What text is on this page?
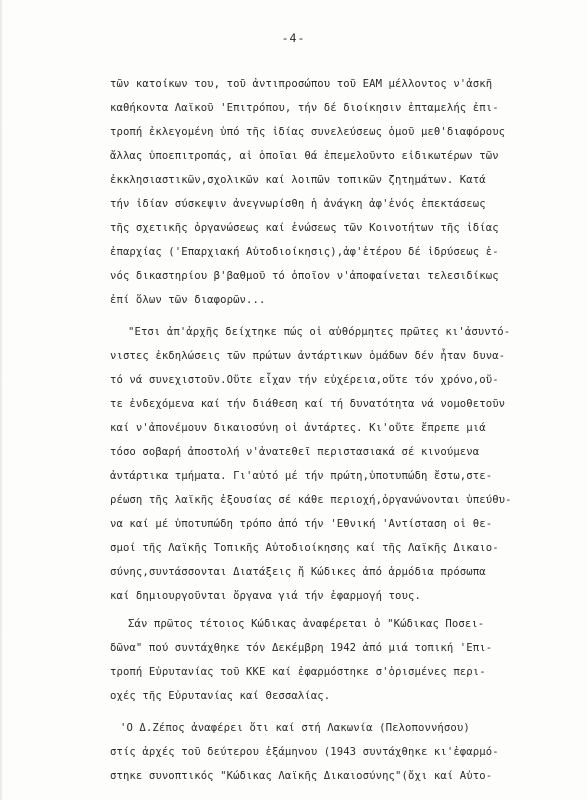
-4-
τῶν κατοίκων του, τοῦ ἀντιπροσώπου τοῦ ΕΑΜ μέλλοντος ν'ἀσκῆ
καθήκοντα Λαϊκοῦ 'Επιτρόπου, τήν δέ διοίκησιν ἐπταμελής ἐπι-
τροπή ἐκλεγομένη ὑπό τῆς ἰδίας συνελεύσεως ὁμοῦ μεθ'διαφόρους
ἄλλας ὑποεπιτροπάς, αἱ ὁποῖαι θά ἐπεμελοῦντο εἰδικωτέρων τῶν
ἐκκλησιαστικῶν,σχολικῶν καί λοιπῶν τοπικῶν ζητημάτων. Κατά
τήν ἰδίαν σύσκεψιν ἀνεγνωρίσθη ἡ ἀνάγκη ἀφ'ἑνός ἐπεκτάσεως
τῆς σχετικῆς ὀργανώσεως καί ἑνώσεως τῶν Κοινοτήτων τῆς ἰδίας
ἐπαρχίας ('Επαρχιακή Αὐτοδιοίκησις),ἀφ'ἑτέρου δέ ἱδρύσεως ἑ-
νός δικαστηρίου β'βαθμοῦ τό ὁποῖον ν'ἀποφαίνεται τελεσιδίκως
ἐπί ὅλων τῶν διαφορῶν...
"Ετσι ἀπ'ἀρχῆς δείχτηκε πώς οἱ αὐθόρμητες πρῶτες κι'ἀσυντό-
νιστες ἐκδηλώσεις τῶν πρώτων ἀντάρτικων ὁμάδων δέν ἦταν δυνα-
τό νά συνεχιστοῦν.Οὔτε εἶχαν τήν εὐχέρεια,οὔτε τόν χρόνο,οὔ-
τε ἐνδεχόμενα καί τήν διάθεση καί τή δυνατότητα νά νομοθετοῦν
καί ν'ἀπονέμουν δικαιοσύνη οἱ ἀντάρτες. Κι'οὔτε ἔπρεπε μιά
τόσο σοβαρή ἀποστολή ν'ἀνατεθεῖ περιστασιακά σέ κινούμενα
ἀντάρτικα τμήματα. Γι'αὐτό μέ τήν πρώτη,ὑποτυπώδη ἔστω,στε-
ρέωση τῆς λαϊκῆς ἐξουσίας σέ κάθε περιοχή,ὀργανώνονται ὑπεύθυ-
να καί μέ ὑποτυπώδη τρόπο ἀπό τήν 'Εθνική 'Αντίσταση οἱ θε-
σμοί τῆς Λαϊκῆς Τοπικῆς Αὐτοδιοίκησης καί τῆς Λαϊκῆς Δικαιο-
σύνης,συντάσσονται Διατάξεις ἤ Κώδικες ἀπό ἁρμόδια πρόσωπα
καί δημιουργοῦνται ὄργανα γιά τήν ἐφαρμογή τους.
Σάν πρῶτος τέτοιος Κώδικας ἀναφέρεται ὁ "Κώδικας Ποσει-
δῶνα" πού συντάχθηκε τόν Δεκέμβρη 1942 ἀπό μιά τοπική 'Επι-
τροπή Εὐρυτανίας τοῦ ΚΚΕ καί ἐφαρμόστηκε σ'ὁρισμένες περι-
οχές τῆς Εὐρυτανίας καί Θεσσαλίας.
'Ο Δ.Ζέπος ἀναφέρει ὅτι καί στή Λακωνία (Πελοποννήσου)
στίς ἀρχές τοῦ δεύτερου ἑξάμηνου (1943 συντάχθηκε κι'ἐφαρμό-
στηκε συνοπτικός "Κώδικας Λαϊκῆς Δικαιοσύνης"(ὄχι καί Αὐτο-
